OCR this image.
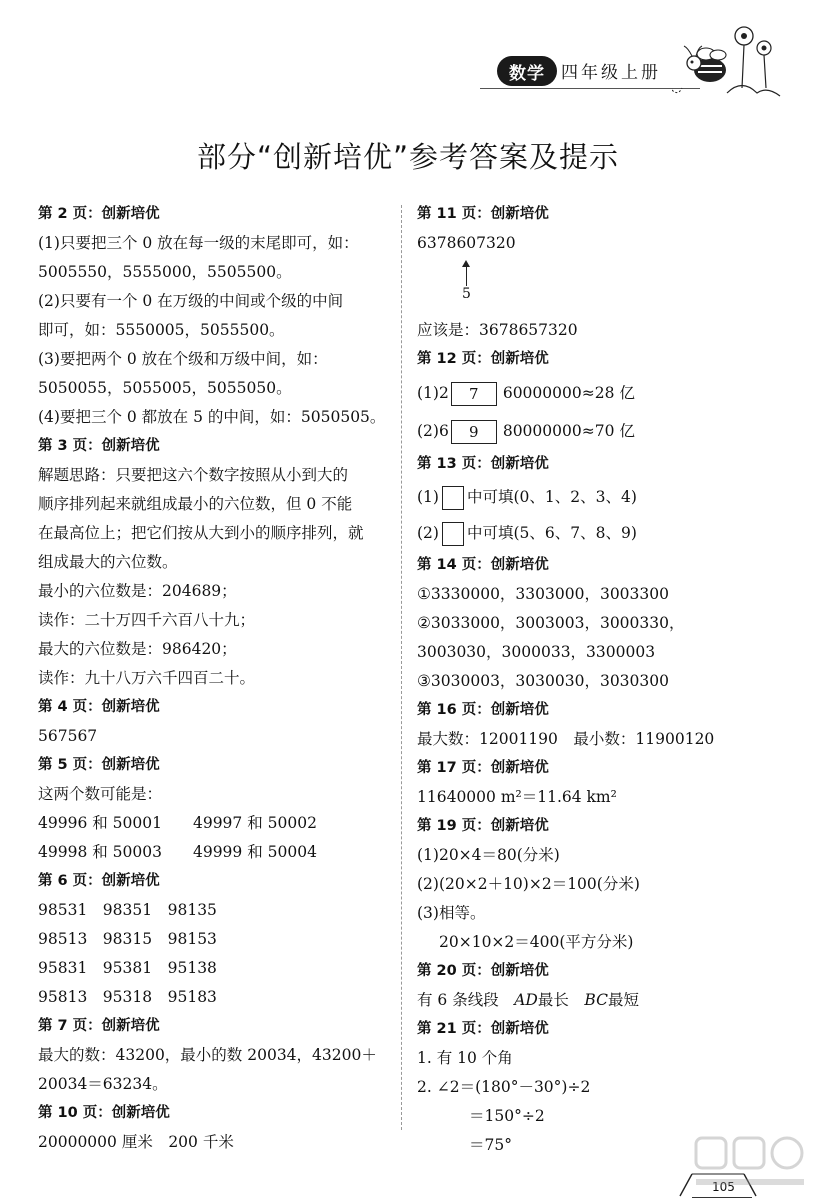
数学 四年级上册
部分“创新培优”参考答案及提示
第 2 页：创新培优
(1)只要把三个 0 放在每一级的末尾即可，如：
5005550，5555000，5505500。
(2)只要有一个 0 在万级的中间或个级的中间
即可，如：5550005，5055500。
(3)要把两个 0 放在个级和万级中间，如：
5050055，5055005，5055050。
(4)要把三个 0 都放在 5 的中间，如：5050505。
第 3 页：创新培优
解题思路：只要把这六个数字按照从小到大的
顺序排列起来就组成最小的六位数，但 0 不能
在最高位上；把它们按从大到小的顺序排列，就
组成最大的六位数。
最小的六位数是：204689；
读作：二十万四千六百八十九；
最大的六位数是：986420；
读作：九十八万六千四百二十。
第 4 页：创新培优
567567
第 5 页：创新培优
这两个数可能是：
49996 和 50001　　49997 和 50002
49998 和 50003　　49999 和 50004
第 6 页：创新培优
98531　98351　98135
98513　98315　98153
95831　95381　95138
95813　95318　95183
第 7 页：创新培优
最大的数：43200，最小的数 20034，43200＋
20034＝63234。
第 10 页：创新培优
20000000 厘米　200 千米
第 11 页：创新培优
6378607320
5
应该是：3678657320
第 12 页：创新培优
(1)2 7 60000000≈28 亿
(2)6 9 80000000≈70 亿
第 13 页：创新培优
(1) 中可填(0、1、2、3、4)
(2) 中可填(5、6、7、8、9)
第 14 页：创新培优
①3330000，3303000，3003300
②3033000，3003003，3000330，
3003030，3000033，3300003
③3030003，3030030，3030300
第 16 页：创新培优
最大数：12001190　最小数：11900120
第 17 页：创新培优
11640000 m²＝11.64 km²
第 19 页：创新培优
(1)20×4＝80(分米)
(2)(20×2＋10)×2＝100(分米)
(3)相等。
20×10×2＝400(平方分米)
第 20 页：创新培优
有 6 条线段　 AD最长　 BC最短
第 21 页：创新培优
1. 有 10 个角
2. ∠2＝(180°－30°)÷2
＝150°÷2
＝75°
105
